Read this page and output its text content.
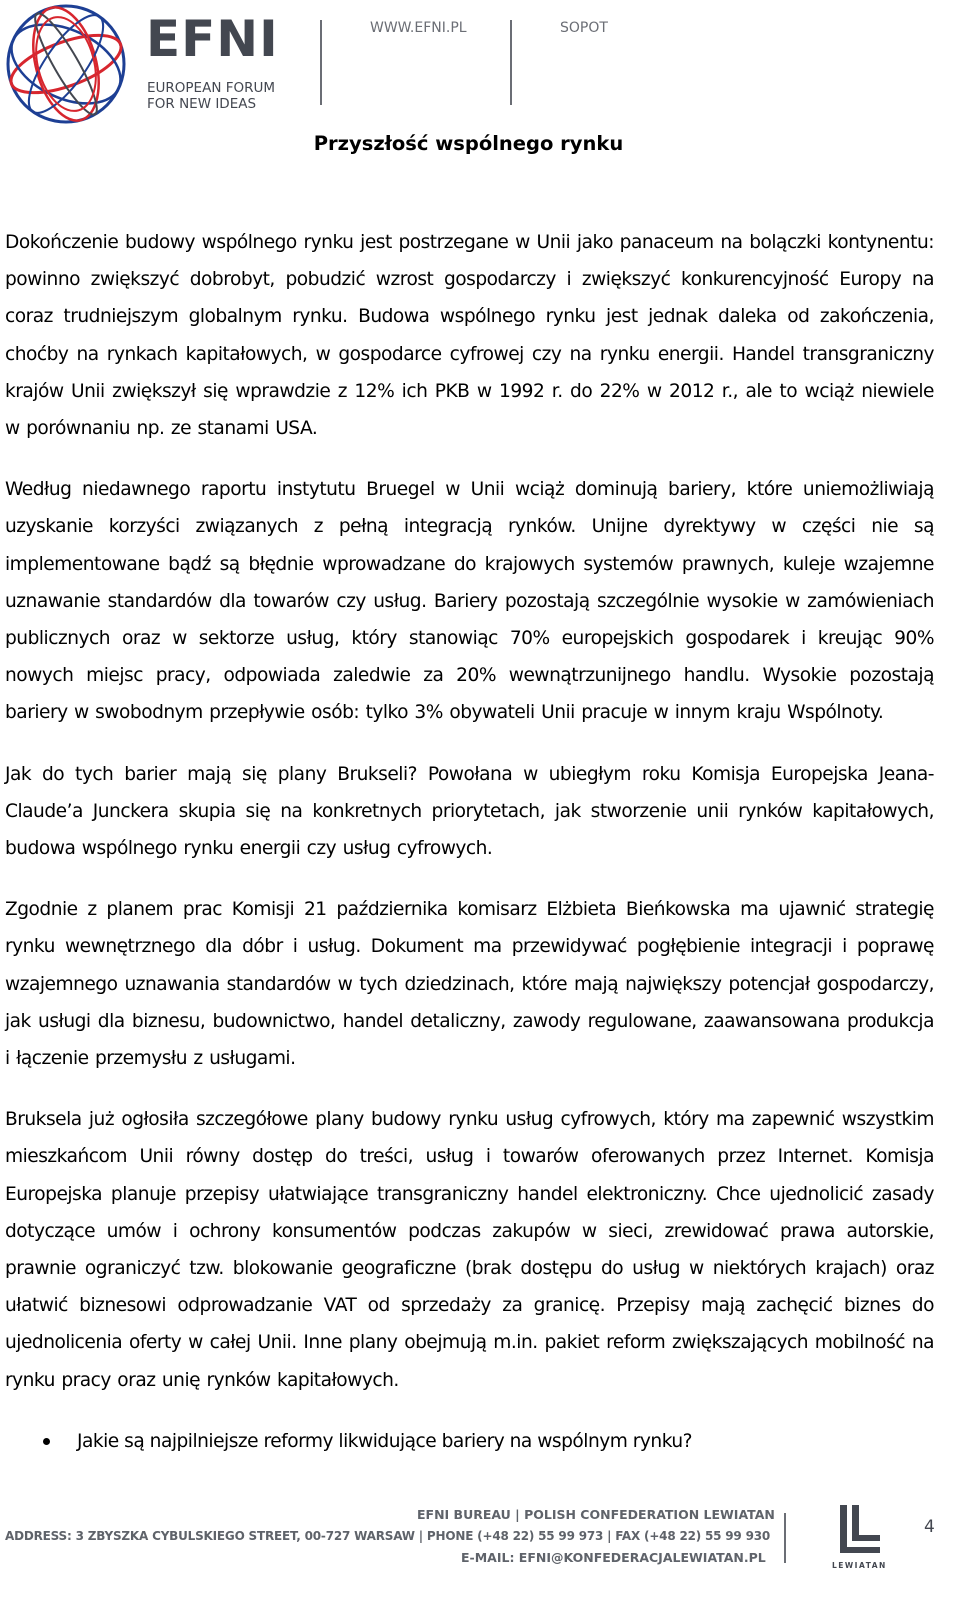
EFNI
EUROPEAN FORUM
FOR NEW IDEAS
WWW.EFNI.PL	SOPOT
Przyszłość wspólnego rynku

Dokończenie budowy wspólnego rynku jest postrzegane w Unii jako panaceum na bolączki kontynentu: powinno zwiększyć dobrobyt, pobudzić wzrost gospodarczy i zwiększyć konkurencyjność Europy na coraz trudniejszym globalnym rynku. Budowa wspólnego rynku jest jednak daleka od zakończenia, choćby na rynkach kapitałowych, w gospodarce cyfrowej czy na rynku energii. Handel transgraniczny krajów Unii zwiększył się wprawdzie z 12% ich PKB w 1992 r. do 22% w 2012 r., ale to wciąż niewiele w porównaniu np. ze stanami USA.

Według niedawnego raportu instytutu Bruegel w Unii wciąż dominują bariery, które uniemożliwiają uzyskanie korzyści związanych z pełną integracją rynków. Unijne dyrektywy w części nie są implementowane bądź są błędnie wprowadzane do krajowych systemów prawnych, kuleje wzajemne uznawanie standardów dla towarów czy usług. Bariery pozostają szczególnie wysokie w zamówieniach publicznych oraz w sektorze usług, który stanowiąc 70% europejskich gospodarek i kreując 90% nowych miejsc pracy, odpowiada zaledwie za 20% wewnątrzunijnego handlu. Wysokie pozostają bariery w swobodnym przepływie osób: tylko 3% obywateli Unii pracuje w innym kraju Wspólnoty.

Jak do tych barier mają się plany Brukseli? Powołana w ubiegłym roku Komisja Europejska Jeana-Claude’a Junckera skupia się na konkretnych priorytetach, jak stworzenie unii rynków kapitałowych, budowa wspólnego rynku energii czy usług cyfrowych.

Zgodnie z planem prac Komisji 21 października komisarz Elżbieta Bieńkowska ma ujawnić strategię rynku wewnętrznego dla dóbr i usług. Dokument ma przewidywać pogłębienie integracji i poprawę wzajemnego uznawania standardów w tych dziedzinach, które mają największy potencjał gospodarczy, jak usługi dla biznesu, budownictwo, handel detaliczny, zawody regulowane, zaawansowana produkcja i łączenie przemysłu z usługami.

Bruksela już ogłosiła szczegółowe plany budowy rynku usług cyfrowych, który ma zapewnić wszystkim mieszkańcom Unii równy dostęp do treści, usług i towarów oferowanych przez Internet. Komisja Europejska planuje przepisy ułatwiające transgraniczny handel elektroniczny. Chce ujednolicić zasady dotyczące umów i ochrony konsumentów podczas zakupów w sieci, zrewidować prawa autorskie, prawnie ograniczyć tzw. blokowanie geograficzne (brak dostępu do usług w niektórych krajach) oraz ułatwić biznesowi odprowadzanie VAT od sprzedaży za granicę. Przepisy mają zachęcić biznes do ujednolicenia oferty w całej Unii. Inne plany obejmują m.in. pakiet reform zwiększających mobilność na rynku pracy oraz unię rynków kapitałowych.

Jakie są najpilniejsze reformy likwidujące bariery na wspólnym rynku?
EFNI BUREAU | POLISH CONFEDERATION LEWIATAN
ADDRESS: 3 ZBYSZKA CYBULSKIEGO STREET, 00-727 WARSAW | PHONE (+48 22) 55 99 973 | FAX (+48 22) 55 99 930
E-MAIL: EFNI@KONFEDERACJALEWIATAN.PL
LEWIATAN
4
